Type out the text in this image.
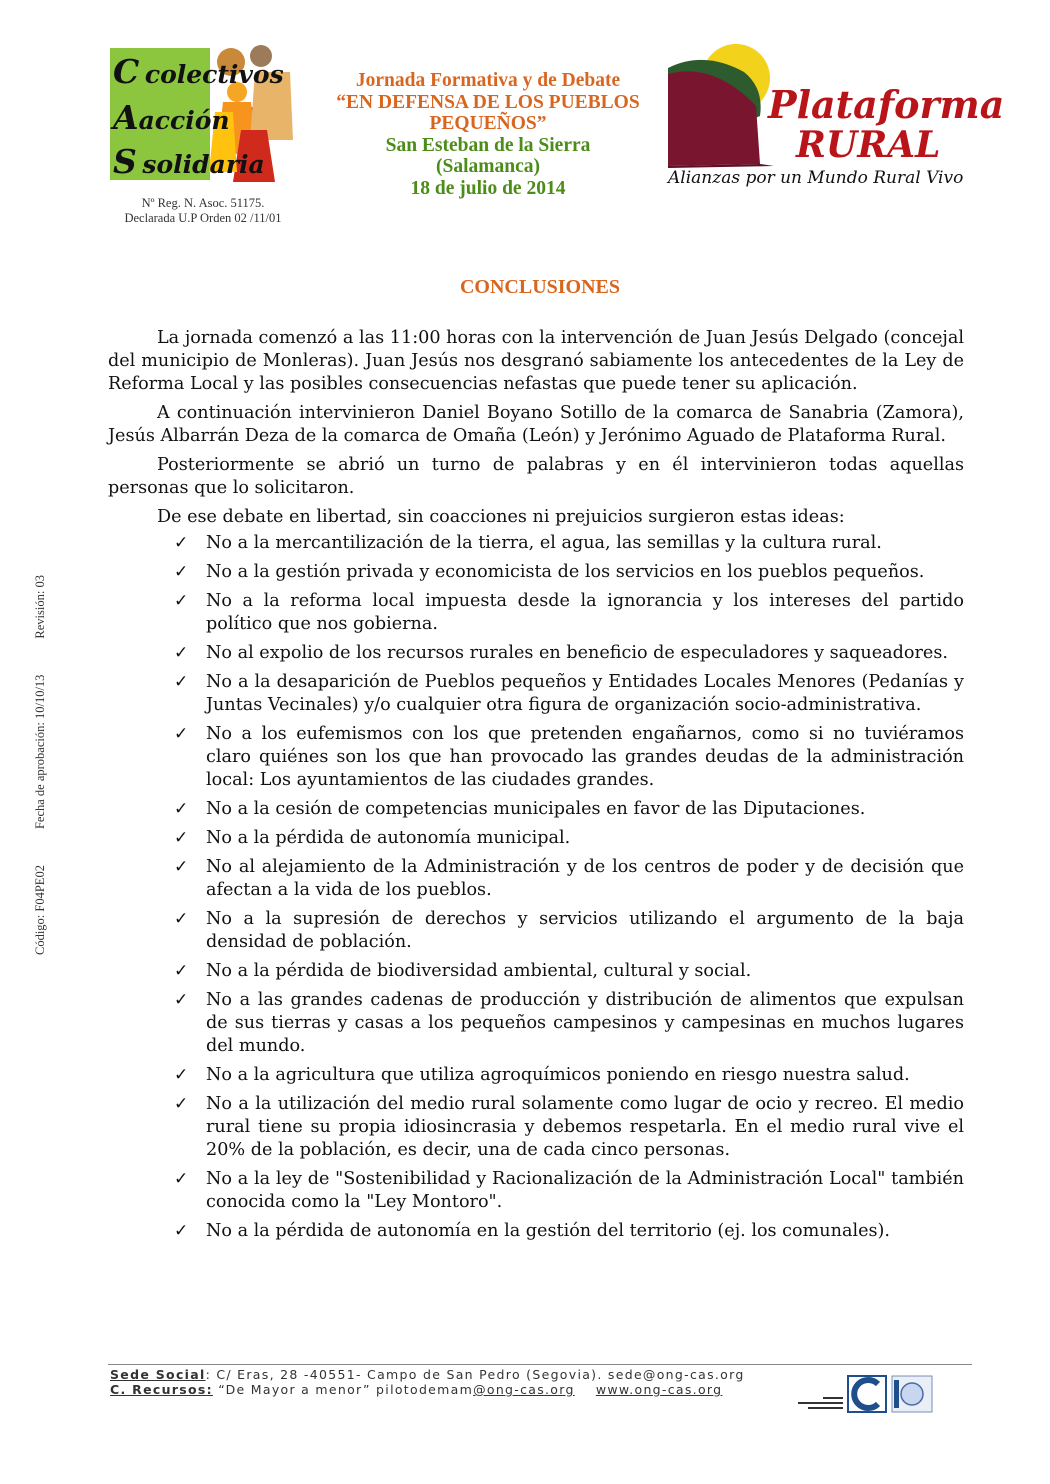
C colectivos
Aacción
S solidaria
Nº Reg. N. Asoc. 51175.
Declarada U.P Orden 02 /11/01
Jornada Formativa y de Debate
“EN DEFENSA DE LOS PUEBLOS
PEQUEÑOS”
San Esteban de la Sierra
(Salamanca)
18 de julio de 2014
Plataforma
RURAL
Alianzas por un Mundo Rural Vivo
Código: F04PE02Fecha de aprobación: 10/10/13Revisión: 03
CONCLUSIONES

La jornada comenzó a las 11:00 horas con la intervención de Juan Jesús Delgado (concejal del municipio de Monleras). Juan Jesús nos desgranó sabiamente los antecedentes de la Ley de Reforma Local y las posibles consecuencias nefastas que puede tener su aplicación.

A continuación intervinieron Daniel Boyano Sotillo de la comarca de Sanabria (Zamora), Jesús Albarrán Deza de la comarca de Omaña (León) y Jerónimo Aguado de Plataforma Rural.

Posteriormente se abrió un turno de palabras y en él intervinieron todas aquellas personas que lo solicitaron.

De ese debate en libertad, sin coacciones ni prejuicios surgieron estas ideas:

✓ No a la mercantilización de la tierra, el agua, las semillas y la cultura rural.
✓ No a la gestión privada y economicista de los servicios en los pueblos pequeños.
✓ No a la reforma local impuesta desde la ignorancia y los intereses del partido político que nos gobierna.
✓ No al expolio de los recursos rurales en beneficio de especuladores y saqueadores.
✓ No a la desaparición de Pueblos pequeños y Entidades Locales Menores (Pedanías y Juntas Vecinales) y/o cualquier otra figura de organización socio-administrativa.
✓ No a los eufemismos con los que pretenden engañarnos, como si no tuviéramos claro quiénes son los que han provocado las grandes deudas de la administración local: Los ayuntamientos de las ciudades grandes.
✓ No a la cesión de competencias municipales en favor de las Diputaciones.
✓ No a la pérdida de autonomía municipal.
✓ No al alejamiento de la Administración y de los centros de poder y de decisión que afectan a la vida de los pueblos.
✓ No a la supresión de derechos y servicios utilizando el argumento de la baja densidad de población.
✓ No a la pérdida de biodiversidad ambiental, cultural y social.
✓ No a las grandes cadenas de producción y distribución de alimentos que expulsan de sus tierras y casas a los pequeños campesinos y campesinas en muchos lugares del mundo.
✓ No a la agricultura que utiliza agroquímicos poniendo en riesgo nuestra salud.
✓ No a la utilización del medio rural solamente como lugar de ocio y recreo. El medio rural tiene su propia idiosincrasia y debemos respetarla. En el medio rural vive el 20% de la población, es decir, una de cada cinco personas.
✓ No a la ley de "Sostenibilidad y Racionalización de la Administración Local" también conocida como la "Ley Montoro".
✓ No a la pérdida de autonomía en la gestión del territorio (ej. los comunales).
Sede Social: C/ Eras, 28 -40551- Campo de San Pedro (Segovia). sede@ong-cas.org
C. Recursos: “De Mayor a menor” pilotodemam@ong-cas.org www.ong-cas.org
